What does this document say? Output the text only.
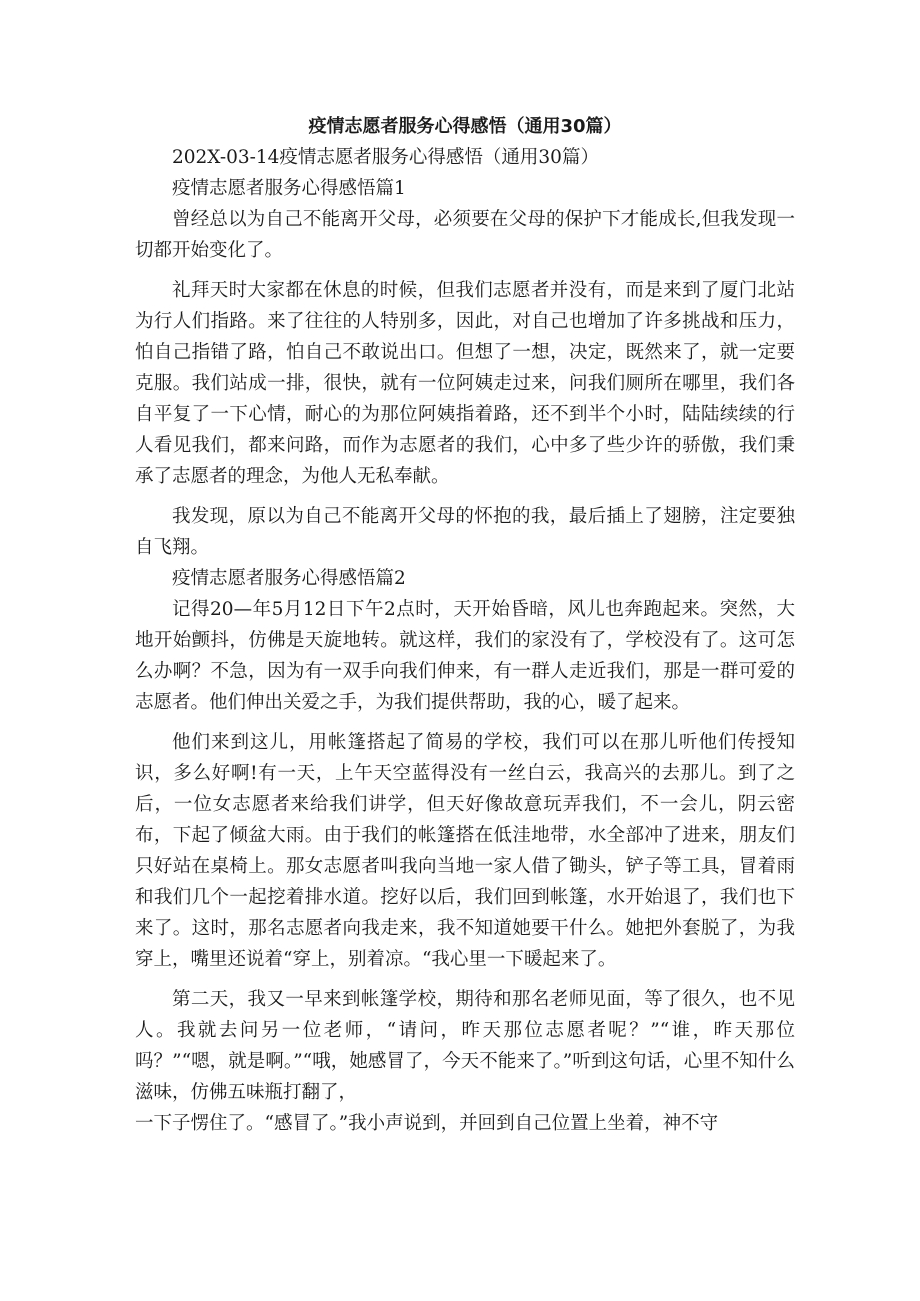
疫情志愿者服务心得感悟（通用30篇）

202X-03-14疫情志愿者服务心得感悟（通用30篇）

疫情志愿者服务心得感悟篇1

曾经总以为自己不能离开父母，必须要在父母的保护下才能成长,但我发现一切都开始变化了。

礼拜天时大家都在休息的时候，但我们志愿者并没有，而是来到了厦门北站为行人们指路。来了往往的人特别多，因此，对自己也增加了许多挑战和压力，怕自己指错了路，怕自己不敢说出口。但想了一想，决定，既然来了，就一定要克服。我们站成一排，很快，就有一位阿姨走过来，问我们厕所在哪里，我们各自平复了一下心情，耐心的为那位阿姨指着路，还不到半个小时，陆陆续续的行人看见我们，都来问路，而作为志愿者的我们，心中多了些少许的骄傲，我们秉承了志愿者的理念，为他人无私奉献。

我发现，原以为自己不能离开父母的怀抱的我，最后插上了翅膀，注定要独自飞翔。

疫情志愿者服务心得感悟篇2

记得20—年5月12日下午2点时，天开始昏暗，风儿也奔跑起来。突然，大地开始颤抖，仿佛是天旋地转。就这样，我们的家没有了，学校没有了。这可怎么办啊？不急，因为有一双手向我们伸来，有一群人走近我们，那是一群可爱的志愿者。他们伸出关爱之手，为我们提供帮助，我的心，暖了起来。

他们来到这儿，用帐篷搭起了简易的学校，我们可以在那儿听他们传授知识，多么好啊!有一天，上午天空蓝得没有一丝白云，我高兴的去那儿。到了之后，一位女志愿者来给我们讲学，但天好像故意玩弄我们，不一会儿，阴云密布，下起了倾盆大雨。由于我们的帐篷搭在低洼地带，水全部冲了进来，朋友们只好站在桌椅上。那女志愿者叫我向当地一家人借了锄头，铲子等工具，冒着雨和我们几个一起挖着排水道。挖好以后，我们回到帐篷，水开始退了，我们也下来了。这时，那名志愿者向我走来，我不知道她要干什么。她把外套脱了，为我穿上，嘴里还说着“穿上，别着凉。“我心里一下暖起来了。

第二天，我又一早来到帐篷学校，期待和那名老师见面，等了很久，也不见人。我就去问另一位老师，“请问，昨天那位志愿者呢？”“谁，昨天那位吗？”“嗯，就是啊。”“哦，她感冒了，今天不能来了。”听到这句话，心里不知什么滋味，仿佛五味瓶打翻了，

一下子愣住了。“感冒了。”我小声说到，并回到自己位置上坐着，神不守
